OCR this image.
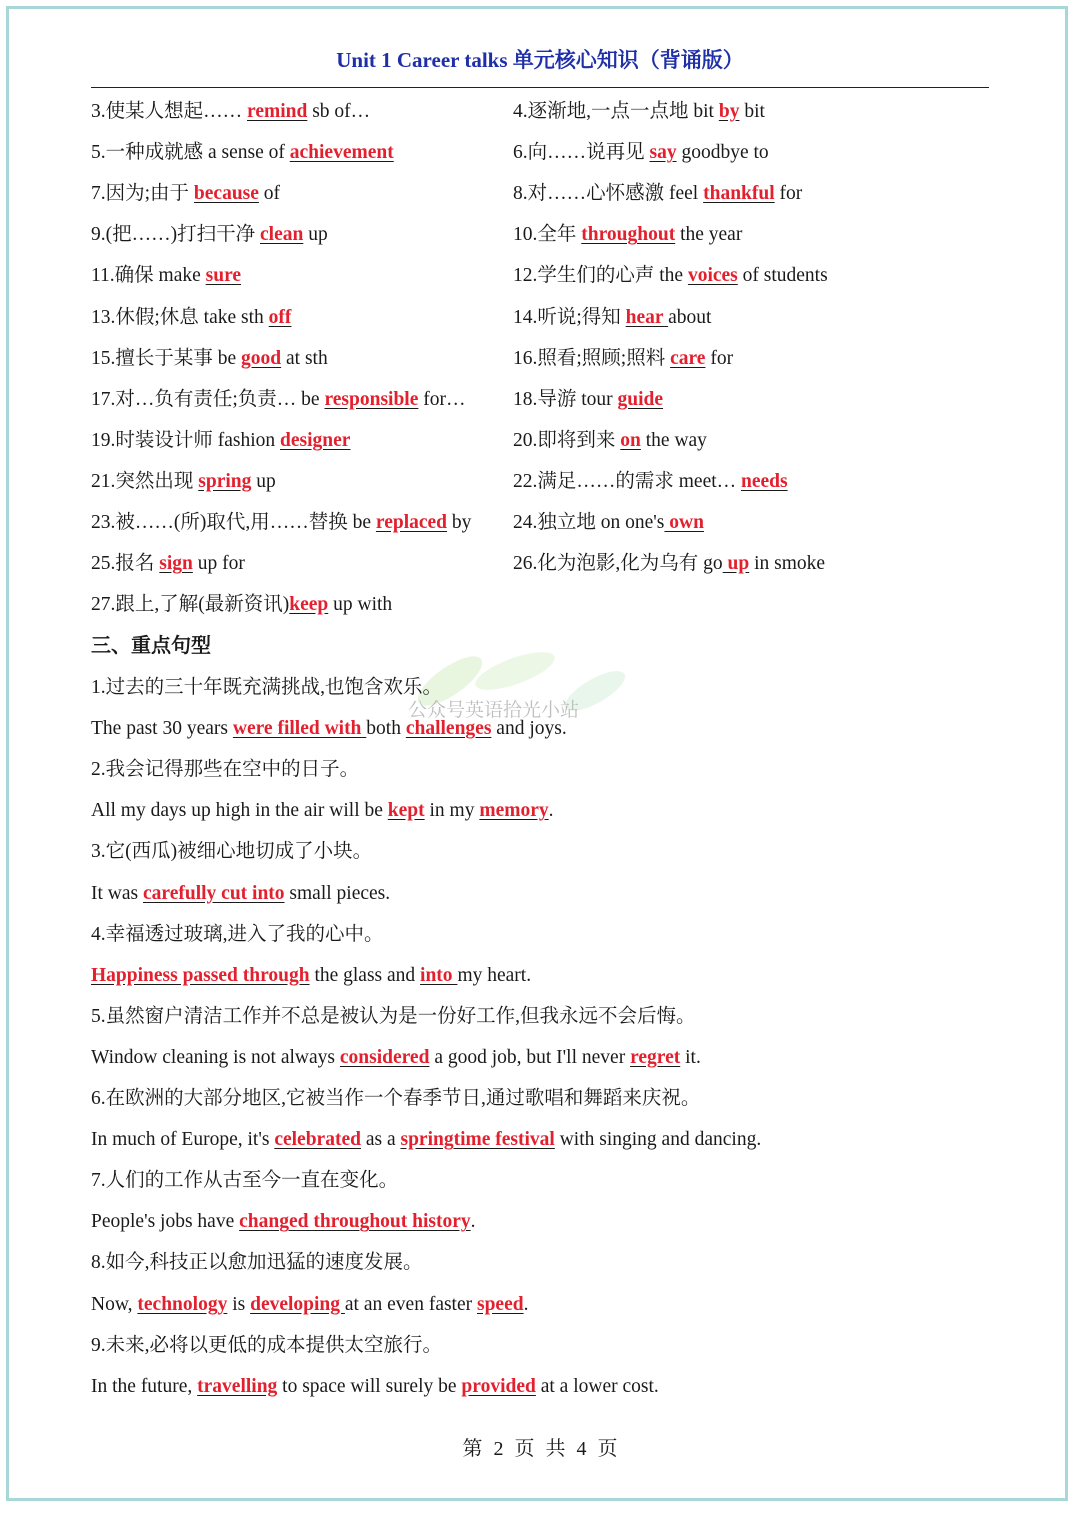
Unit 1 Career talks 单元核心知识（背诵版）
3.使某人想起…… remind sb of…	4.逐渐地,一点一点地 bit by bit
5.一种成就感 a sense of achievement	6.向……说再见 say goodbye to
7.因为;由于 because of	8.对……心怀感激 feel thankful for
9.(把……)打扫干净 clean up	10.全年 throughout the year
11.确保 make sure	12.学生们的心声 the voices of students
13.休假;休息 take sth off	14.听说;得知 hear about
15.擅长于某事 be good at sth	16.照看;照顾;照料 care for
17.对…负有责任;负责… be responsible for… 18.导游 tour guide
19.时装设计师 fashion designer	20.即将到来 on the way
21.突然出现 spring up	22.满足……的需求 meet… needs
23.被……(所)取代,用……替换 be replaced by 24.独立地 on one's own
25.报名 sign up for	26.化为泡影,化为乌有 go up in smoke
27.跟上,了解(最新资讯)keep up with
三、重点句型
公众号英语拾光小站
1.过去的三十年既充满挑战,也饱含欢乐。
The past 30 years were filled with both challenges and joys.
2.我会记得那些在空中的日子。
All my days up high in the air will be kept in my memory.
3.它(西瓜)被细心地切成了小块。
It was carefully cut into small pieces.
4.幸福透过玻璃,进入了我的心中。
Happiness passed through the glass and into my heart.
5.虽然窗户清洁工作并不总是被认为是一份好工作,但我永远不会后悔。
Window cleaning is not always considered a good job, but I'll never regret it.
6.在欧洲的大部分地区,它被当作一个春季节日,通过歌唱和舞蹈来庆祝。
In much of Europe, it's celebrated as a springtime festival with singing and dancing.
7.人们的工作从古至今一直在变化。
People's jobs have changed throughout history.
8.如今,科技正以愈加迅猛的速度发展。
Now, technology is developing at an even faster speed.
9.未来,必将以更低的成本提供太空旅行。
In the future, travelling to space will surely be provided at a lower cost.
第 2 页 共 4 页
